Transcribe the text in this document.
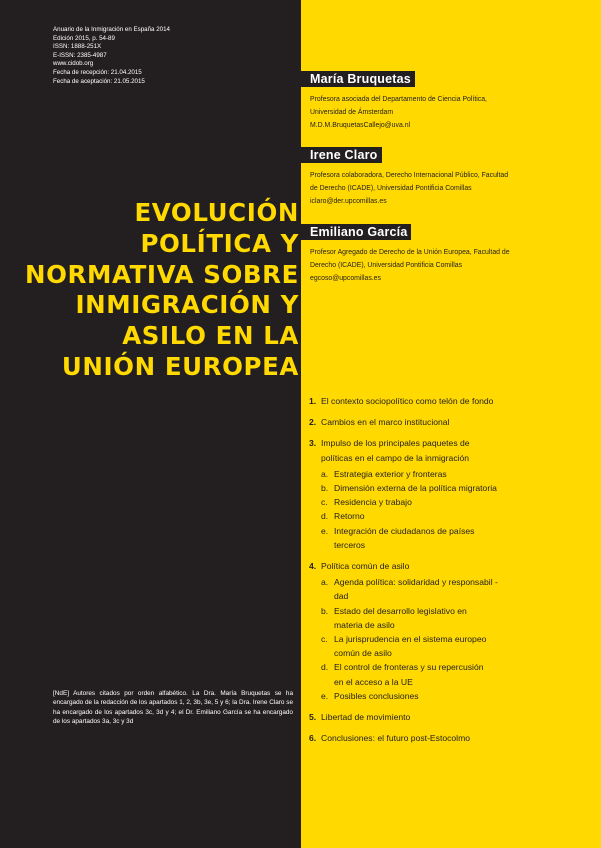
Anuario de la Inmigración en España 2014
Edición 2015, p. 54-89
ISSN: 1888-251X
E-ISSN: 2385-4987
www.cidob.org
Fecha de recepción: 21.04.2015
Fecha de aceptación: 21.05.2015
EVOLUCIÓN
POLÍTICA Y
NORMATIVA SOBRE
INMIGRACIÓN Y
ASILO EN LA
UNIÓN EUROPEA
[NdE] Autores citados por orden alfabético. La Dra. María Bruquetas se ha encargado de la redacción de los apartados 1, 2, 3b, 3e, 5 y 6; la Dra. Irene Claro se ha encargado de los apartados 3c, 3d y 4; el Dr. Emiliano García se ha encargado de los apartados 3a, 3c y 3d
María Bruquetas
Profesora asociada del Departamento de Ciencia Política,
Universidad de Ámsterdam
M.D.M.BruquetasCallejo@uva.nl
Irene Claro
Profesora colaboradora, Derecho Internacional Público, Facultad
de Derecho (ICADE), Universidad Pontificia Comillas
iclaro@der.upcomillas.es
Emiliano García
Profesor Agregado de Derecho de la Unión Europea, Facultad de
Derecho (ICADE), Universidad Pontificia Comillas
egcoso@upcomillas.es
1. El contexto sociopolítico como telón de fondo
2. Cambios en el marco institucional
3. Impulso de los principales paquetes de
políticas en el campo de la inmigración
a. Estrategia exterior y fronteras
b. Dimensión externa de la política migratoria
c. Residencia y trabajo
d. Retorno
e. Integración de ciudadanos de países
terceros
4. Política común de asilo
a. Agenda política: solidaridad y responsabil -
dad
b. Estado del desarrollo legislativo en
materia de asilo
c. La jurisprudencia en el sistema europeo
común de asilo
d. El control de fronteras y su repercusión
en el acceso a la UE
e. Posibles conclusiones
5. Libertad de movimiento
6. Conclusiones: el futuro post-Estocolmo
